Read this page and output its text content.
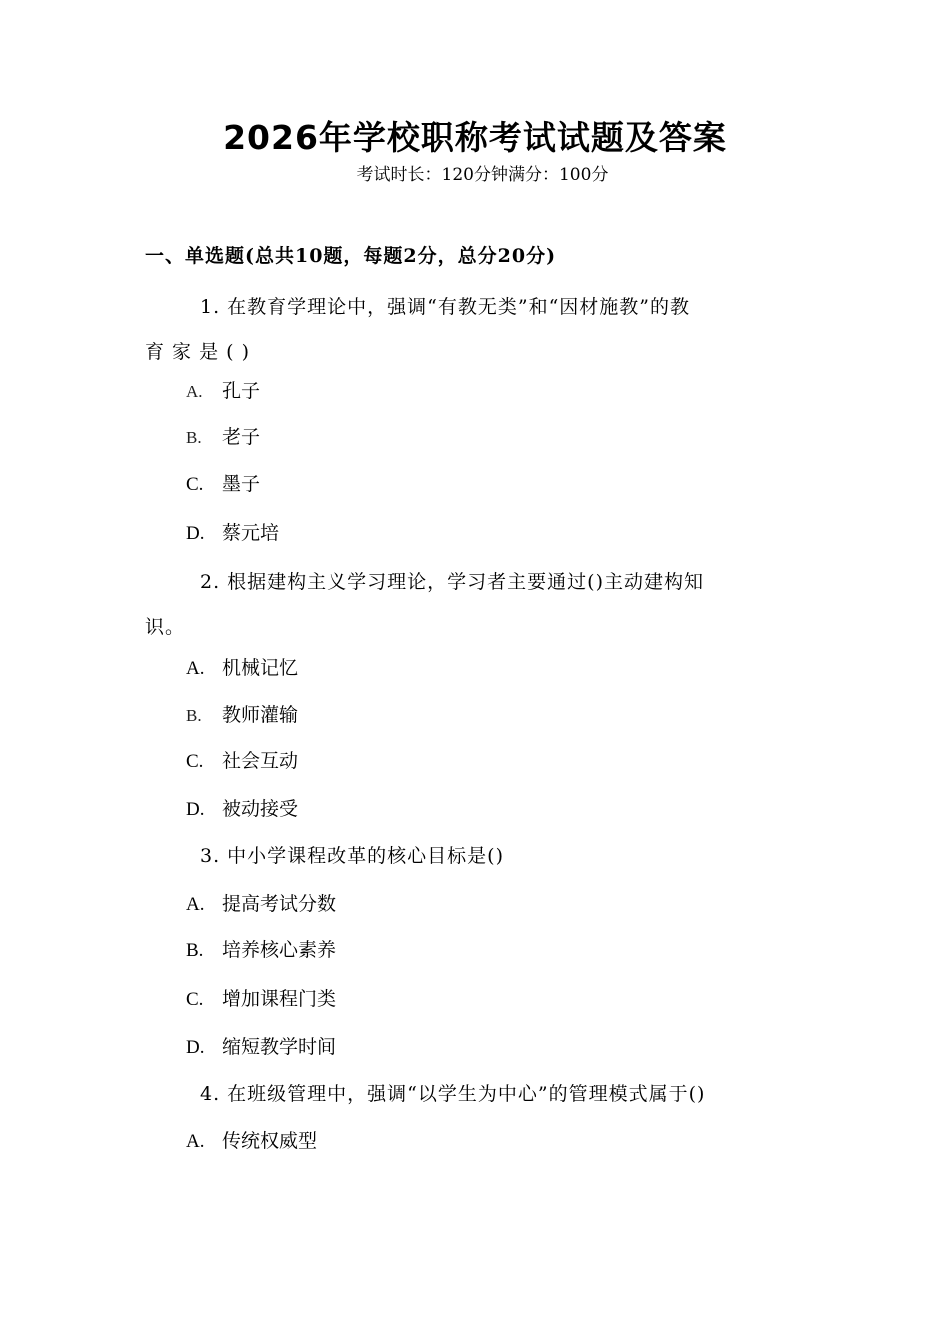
2026年学校职称考试试题及答案
考试时长：120分钟满分：100分
一、单选题(总共10题，每题2分，总分20分)
1. 在教育学理论中，强调“有教无类”和“因材施教”的教
育 家 是 ( )
A. 孔子
B. 老子
C. 墨子
D. 蔡元培
2. 根据建构主义学习理论，学习者主要通过()主动建构知
识。
A. 机械记忆
B. 教师灌输
C. 社会互动
D. 被动接受
3. 中小学课程改革的核心目标是()
A. 提高考试分数
B. 培养核心素养
C. 增加课程门类
D. 缩短教学时间
4. 在班级管理中，强调“以学生为中心”的管理模式属于()
A. 传统权威型
